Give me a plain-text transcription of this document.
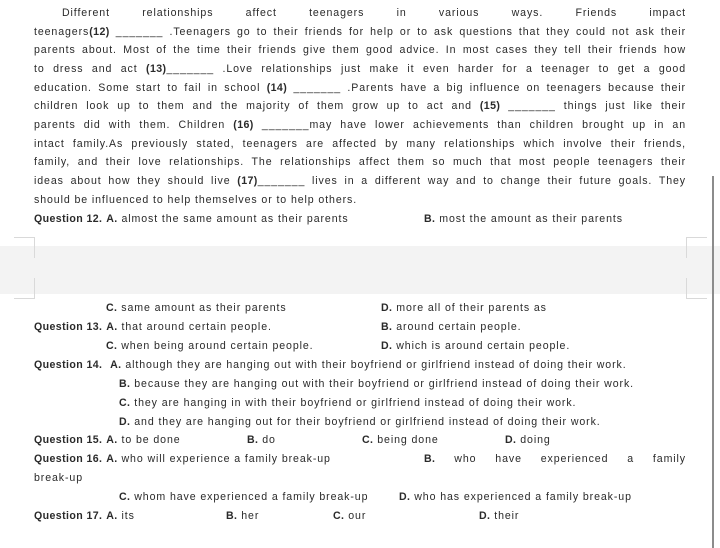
Different relationships affect teenagers in various ways. Friends impact
teenagers(12) _______ .Teenagers go to their friends for help or to ask questions that they could not ask their
parents about. Most of the time their friends give them good advice. In most cases they tell their friends how
to dress and act (13)_______ .Love relationships just make it even harder for a teenager to get a good
education. Some start to fail in school (14) _______ .Parents have a big influence on teenagers because their
children look up to them and the majority of them grow up to act and (15) _______ things just like their
parents did with them. Children (16) _______may have lower achievements than children brought up in an
intact family.As previously stated, teenagers are affected by many relationships which involve their friends,
family, and their love relationships. The relationships affect them so much that most people teenagers their
ideas about how they should live (17)_______ lives in a different way and to change their future goals. They
should be influenced to help themselves or to help others.
Question 12. A. almost the same amount as their parents	B. most the amount as their parents
C. same amount as their parents	D. more all of their parents as
Question 13. A. that around certain people.	B. around certain people.
C. when being around certain people.	D. which is around certain people.
Question 14. A. although they are hanging out with their boyfriend or girlfriend instead of doing their work.
B. because they are hanging out with their boyfriend or girlfriend instead of doing their work.
C. they are hanging in with their boyfriend or girlfriend instead of doing their work.
D. and they are hanging out for their boyfriend or girlfriend instead of doing their work.
Question 15. A. to be done	B. do	C. being done	D. doing
Question 16. A. who will experience a family break-up	B. who have experienced a family
break-up
C. whom have experienced a family break-up	D. who has experienced a family break-up
Question 17. A. its	B. her	C. our	D. their
